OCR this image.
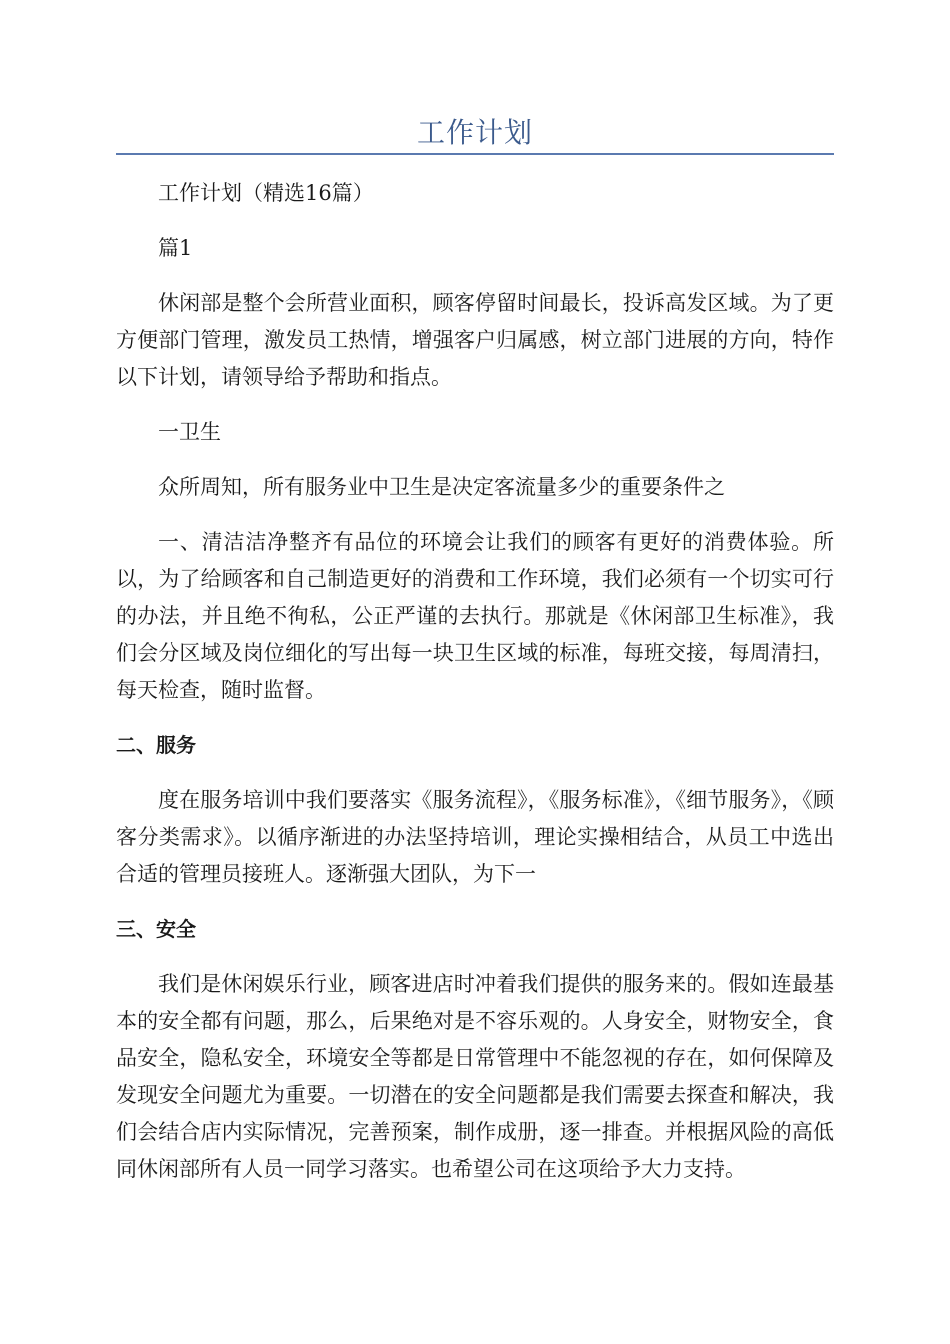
工作计划

工作计划（精选16篇）

篇1

休闲部是整个会所营业面积，顾客停留时间最长，投诉高发区域。为了更方便部门管理，激发员工热情，增强客户归属感，树立部门进展的方向，特作以下计划，请领导给予帮助和指点。

一卫生

众所周知，所有服务业中卫生是决定客流量多少的重要条件之

一、清洁洁净整齐有品位的环境会让我们的顾客有更好的消费体验。所以，为了给顾客和自己制造更好的消费和工作环境，我们必须有一个切实可行的办法，并且绝不徇私，公正严谨的去执行。那就是《休闲部卫生标准》，我们会分区域及岗位细化的写出每一块卫生区域的标准，每班交接，每周清扫，每天检查，随时监督。

二、服务

度在服务培训中我们要落实《服务流程》，《服务标准》，《细节服务》，《顾客分类需求》。以循序渐进的办法坚持培训，理论实操相结合，从员工中选出合适的管理员接班人。逐渐强大团队，为下一

三、安全

我们是休闲娱乐行业，顾客进店时冲着我们提供的服务来的。假如连最基本的安全都有问题，那么，后果绝对是不容乐观的。人身安全，财物安全，食品安全，隐私安全，环境安全等都是日常管理中不能忽视的存在，如何保障及发现安全问题尤为重要。一切潜在的安全问题都是我们需要去探查和解决，我们会结合店内实际情况，完善预案，制作成册，逐一排查。并根据风险的高低同休闲部所有人员一同学习落实。也希望公司在这项给予大力支持。
